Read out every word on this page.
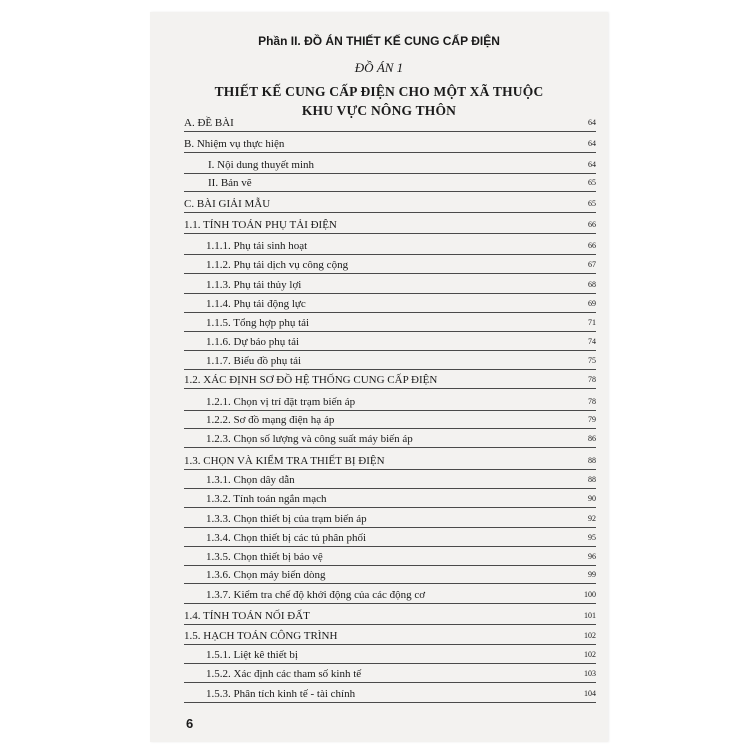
Phần II. ĐỒ ÁN THIẾT KẾ CUNG CẤP ĐIỆN
ĐỒ ÁN 1
THIẾT KẾ CUNG CẤP ĐIỆN CHO MỘT XÃ THUỘC
KHU VỰC NÔNG THÔN
A. ĐỀ BÀI	64
B. Nhiệm vụ thực hiện	64
I. Nội dung thuyết minh	64
II. Bản vẽ	65
C. BÀI GIẢI MẪU	65
1.1. TÍNH TOÁN PHỤ TẢI ĐIỆN	66
1.1.1. Phụ tải sinh hoạt	66
1.1.2. Phụ tải dịch vụ công cộng	67
1.1.3. Phụ tải thủy lợi	68
1.1.4. Phụ tải động lực	69
1.1.5. Tổng hợp phụ tải	71
1.1.6. Dự báo phụ tải	74
1.1.7. Biểu đồ phụ tải	75
1.2. XÁC ĐỊNH SƠ ĐỒ HỆ THỐNG CUNG CẤP ĐIỆN	78
1.2.1. Chọn vị trí đặt trạm biến áp	78
1.2.2. Sơ đồ mạng điện hạ áp	79
1.2.3. Chọn số lượng và công suất máy biến áp	86
1.3. CHỌN VÀ KIỂM TRA THIẾT BỊ ĐIỆN	88
1.3.1. Chọn dây dẫn	88
1.3.2. Tính toán ngắn mạch	90
1.3.3. Chọn thiết bị của trạm biến áp	92
1.3.4. Chọn thiết bị các tủ phân phối	95
1.3.5. Chọn thiết bị bảo vệ	96
1.3.6. Chọn máy biến dòng	99
1.3.7. Kiểm tra chế độ khởi động của các động cơ	100
1.4. TÍNH TOÁN NỐI ĐẤT	101
1.5. HẠCH TOÁN CÔNG TRÌNH	102
1.5.1. Liệt kê thiết bị	102
1.5.2. Xác định các tham số kinh tế	103
1.5.3. Phân tích kinh tế - tài chính	104
6
